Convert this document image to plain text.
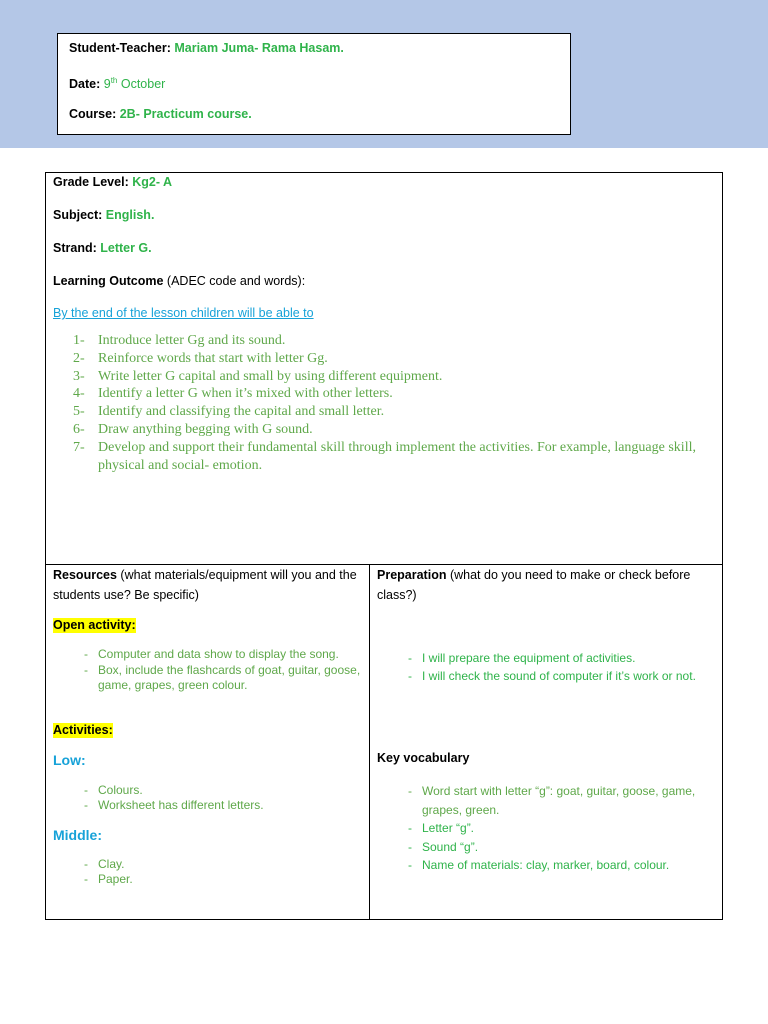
Student-Teacher: Mariam Juma- Rama Hasam.
Date: 9th October
Course: 2B- Practicum course.
Grade Level: Kg2- A
Subject: English.
Strand: Letter G.
Learning Outcome (ADEC code and words):
By the end of the lesson children will be able to
1- Introduce letter Gg and its sound.
2- Reinforce words that start with letter Gg.
3- Write letter G capital and small by using different equipment.
4- Identify a letter G when it’s mixed with other letters.
5- Identify and classifying the capital and small letter.
6- Draw anything begging with G sound.
7- Develop and support their fundamental skill through implement the activities. For example, language skill, physical and social- emotion.
Resources (what materials/equipment will you and the students use? Be specific)
Open activity:
- Computer and data show to display the song.
- Box, include the flashcards of goat, guitar, goose, game, grapes, green colour.
Activities:
Low:
- Colours.
- Worksheet has different letters.
Middle:
- Clay.
- Paper.
Preparation (what do you need to make or check before class?)
- I will prepare the equipment of activities.
- I will check the sound of computer if it’s work or not.
Key vocabulary
- Word start with letter “g”: goat, guitar, goose, game, grapes, green.
- Letter “g”.
- Sound “g”.
- Name of materials: clay, marker, board, colour.
